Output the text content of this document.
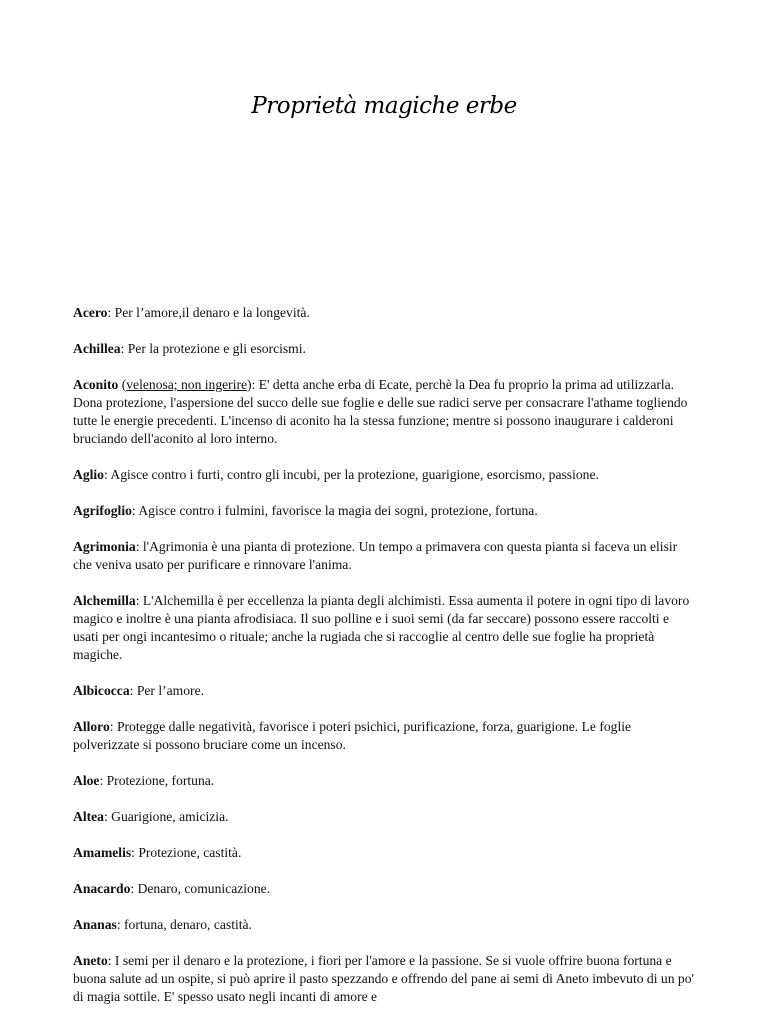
Proprietà magiche erbe

Acero: Per l’amore,il denaro e la longevità.

Achillea: Per la protezione e gli esorcismi.

Aconito (velenosa; non ingerire): E' detta anche erba di Ecate, perchè la Dea fu proprio la prima ad utilizzarla. Dona protezione, l'aspersione del succo delle sue foglie e delle sue radici serve per consacrare l'athame togliendo tutte le energie precedenti. L'incenso di aconito ha la stessa funzione; mentre si possono inaugurare i calderoni bruciando dell'aconito al loro interno.

Aglio: Agisce contro i furti, contro gli incubi, per la protezione, guarigione, esorcismo, passione.

Agrifoglio: Agisce contro i fulmini, favorisce la magia dei sogni, protezione, fortuna.

Agrimonia: l'Agrimonia è una pianta di protezione. Un tempo a primavera con questa pianta si faceva un elisir che veniva usato per purificare e rinnovare l'anima.

Alchemilla: L'Alchemilla è per eccellenza la pianta degli alchimisti. Essa aumenta il potere in ogni tipo di lavoro magico e inoltre è una pianta afrodisiaca. Il suo polline e i suoi semi (da far seccare) possono essere raccolti e usati per ongi incantesimo o rituale; anche la rugiada che si raccoglie al centro delle sue foglie ha proprietà magiche.

Albicocca: Per l’amore.

Alloro: Protegge dalle negatività, favorisce i poteri psichici, purificazione, forza, guarigione. Le foglie polverizzate si possono bruciare come un incenso.

Aloe: Protezione, fortuna.

Altea: Guarigione, amicizia.

Amamelis: Protezione, castità.

Anacardo: Denaro, comunicazione.

Ananas: fortuna, denaro, castità.

Aneto: I semi per il denaro e la protezione, i fiori per l'amore e la passione. Se si vuole offrire buona fortuna e buona salute ad un ospite, si può aprire il pasto spezzando e offrendo del pane ai semi di Aneto imbevuto di un po' di magia sottile. E' spesso usato negli incanti di amore e
